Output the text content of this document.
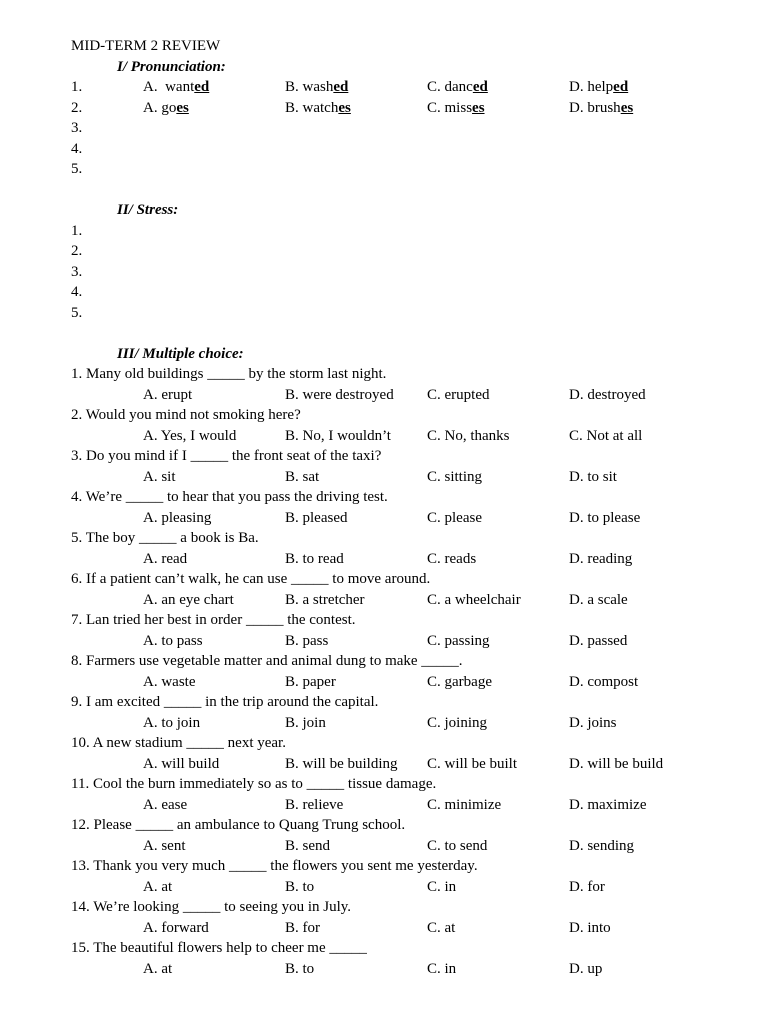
MID-TERM 2 REVIEW
I/ Pronunciation:
1.	A.  wanted	B. washed	C. danced	D. helped
2.	A. goes	B. watches	C. misses	D. brushes
3.
4.
5.
II/ Stress:
1.
2.
3.
4.
5.
III/ Multiple choice:
1. Many old buildings _____ by the storm last night.
A. erupt	B. were destroyed C. erupted	D. destroyed
2. Would you mind not smoking here?
A. Yes, I would	B. No, I wouldn’t C. No, thanks	C. Not at all
3. Do you mind if I _____ the front seat of the taxi?
A. sit	B. sat	C. sitting	D. to sit
4. We’re _____ to hear that you pass the driving test.
A. pleasing	B. pleased	C. please	D. to please
5. The boy _____ a book is Ba.
A. read	B. to read	C. reads	D. reading
6. If a patient can’t walk, he can use _____ to move around.
A. an eye chart	B. a stretcher	C. a wheelchair	D. a scale
7. Lan tried her best in order _____ the contest.
A. to pass	B. pass	C. passing	D. passed
8. Farmers use vegetable matter and animal dung to make _____.
A. waste	B. paper	C. garbage	D. compost
9. I am excited _____ in the trip around the capital.
A. to join	B. join	C. joining	D. joins
10. A new stadium _____ next year.
A. will build	B. will be building C. will be built	D. will be build
11. Cool the burn immediately so as to _____ tissue damage.
A. ease	B. relieve	C. minimize	D. maximize
12. Please _____ an ambulance to Quang Trung school.
A. sent	B. send	C. to send	D. sending
13. Thank you very much _____ the flowers you sent me yesterday.
A. at	B. to	C. in	D. for
14. We’re looking _____ to seeing you in July.
A. forward	B. for	C. at	D. into
15. The beautiful flowers help to cheer me _____
A. at	B. to	C. in	D. up
